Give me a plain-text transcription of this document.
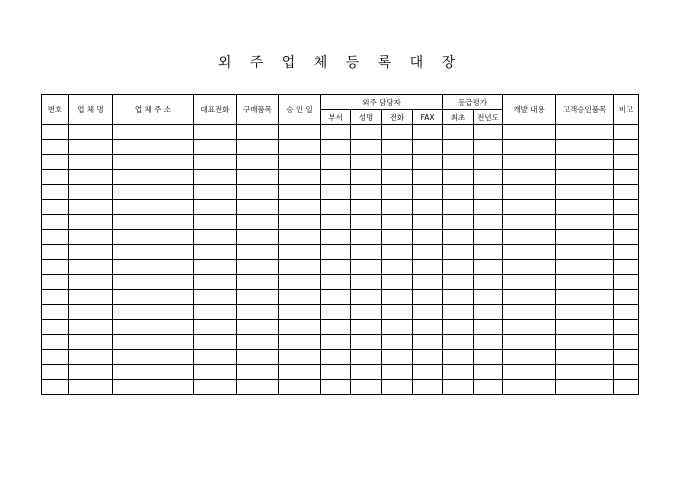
외 주 업 체 등 록 대 장
번호	업 체 명	업 체 주 소	대표전화	구매품목	승 인 일	외주 담당자				등급평가		개발 내용	고객승인품목	비고
						부서	성명	전화	FAX	최초	전년도			
